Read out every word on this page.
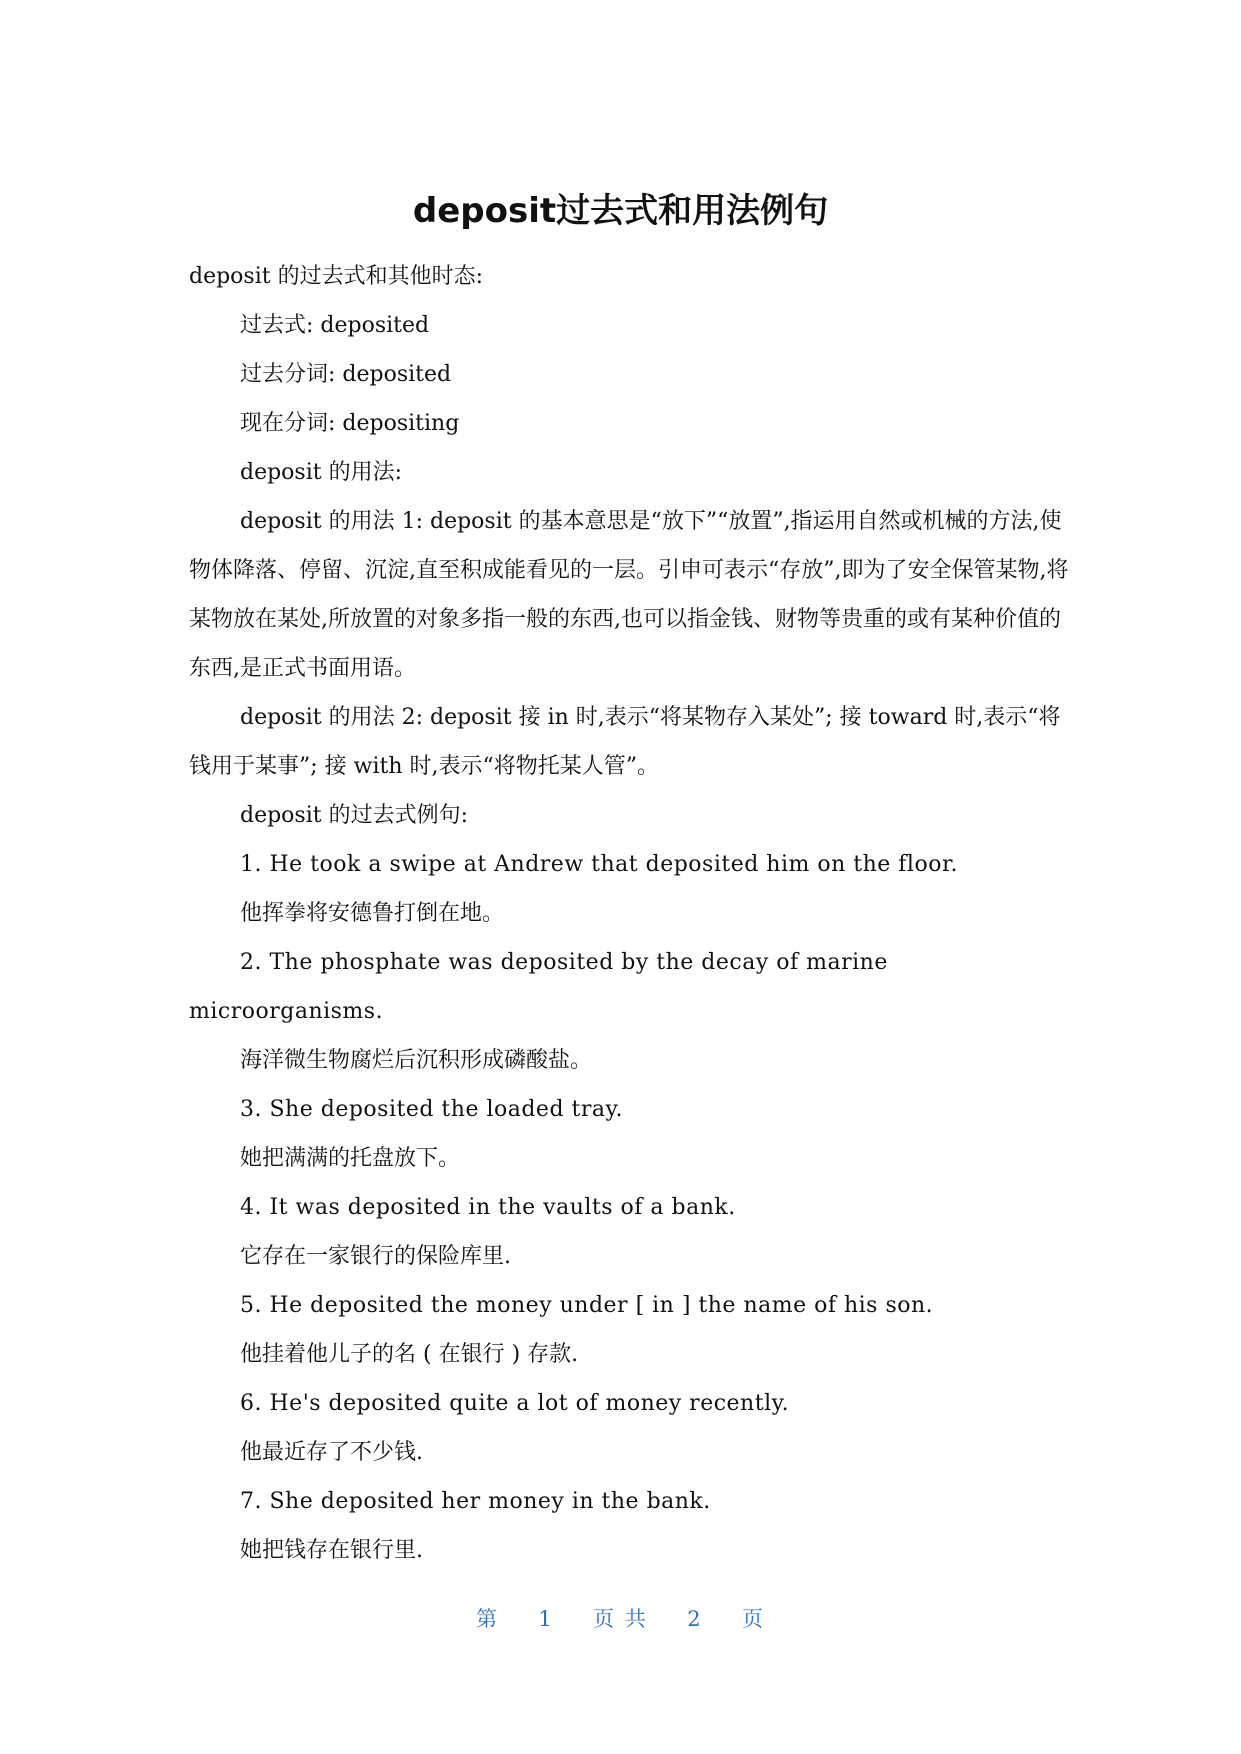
deposit过去式和用法例句

deposit 的过去式和其他时态:

过去式: deposited

过去分词: deposited

现在分词: depositing

deposit 的用法:

deposit 的用法 1: deposit 的基本意思是“放下”“放置”,指运用自然或机械的方法,使物体降落、停留、沉淀,直至积成能看见的一层。引申可表示“存放”,即为了安全保管某物,将某物放在某处,所放置的对象多指一般的东西,也可以指金钱、财物等贵重的或有某种价值的东西,是正式书面用语。

deposit 的用法 2: deposit 接 in 时,表示“将某物存入某处”; 接 toward 时,表示“将钱用于某事”; 接 with 时,表示“将物托某人管”。

deposit 的过去式例句:

1. He took a swipe at Andrew that deposited him on the floor.

他挥拳将安德鲁打倒在地。

2. The phosphate was deposited by the decay of marine microorganisms.

海洋微生物腐烂后沉积形成磷酸盐。

3. She deposited the loaded tray.

她把满满的托盘放下。

4. It was deposited in the vaults of a bank.

它存在一家银行的保险库里.

5. He deposited the money under [ in ] the name of his son.

他挂着他儿子的名 ( 在银行 ) 存款.

6. He's deposited quite a lot of money recently.

他最近存了不少钱.

7. She deposited her money in the bank.

她把钱存在银行里.

第 1 页 共 2 页
